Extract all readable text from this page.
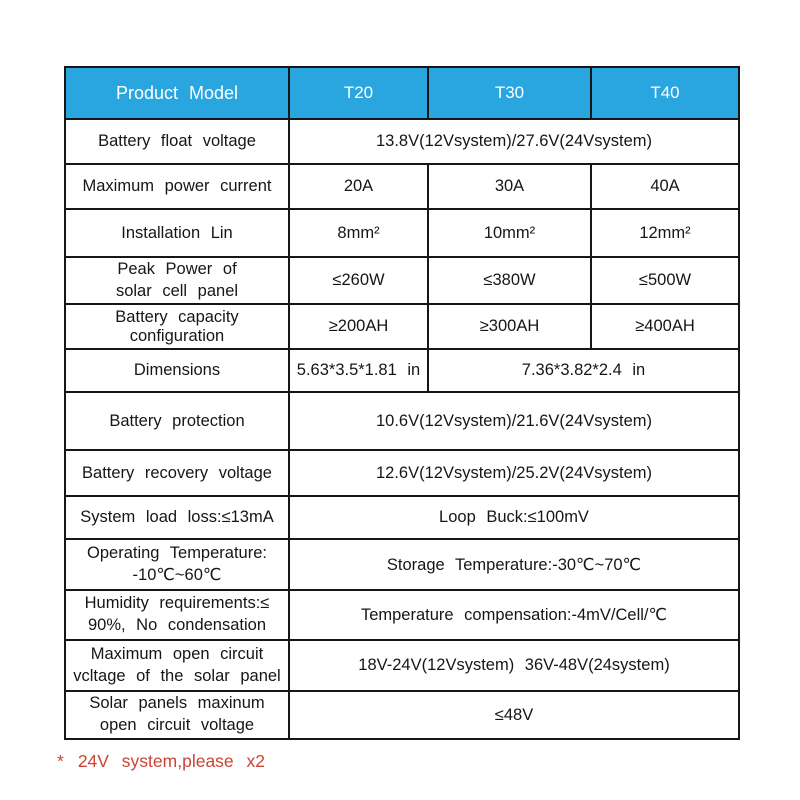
Product Model	T20	T30	T40
Battery float voltage	13.8V(12Vsystem)/27.6V(24Vsystem)		
Maximum power current	20A	30A	40A
Installation Lin	8mm²	10mm²	12mm²

Peak Power of
solar cell panel	≤260W	≤380W	≤500W
Battery capacity configuration	≥200AH	≥300AH	≥400AH
Dimensions	5.63*3.5*1.81 in	7.36*3.82*2.4 in	
Battery protection	10.6V(12Vsystem)/21.6V(24Vsystem)		
Battery recovery voltage	12.6V(12Vsystem)/25.2V(24Vsystem)		
System load loss:≤13mA	Loop Buck:≤100mV		

Operating Temperature:
-10℃~60℃	Storage Temperature:-30℃~70℃		

Humidity requirements:≤
90%, No condensation	Temperature compensation:-4mV/Cell/℃		

Maximum open circuit
vcltage of the solar panel	18V-24V(12Vsystem) 36V-48V(24system)		

Solar panels maxinum
open circuit voltage	≤48V		
* 24V system,please x2
